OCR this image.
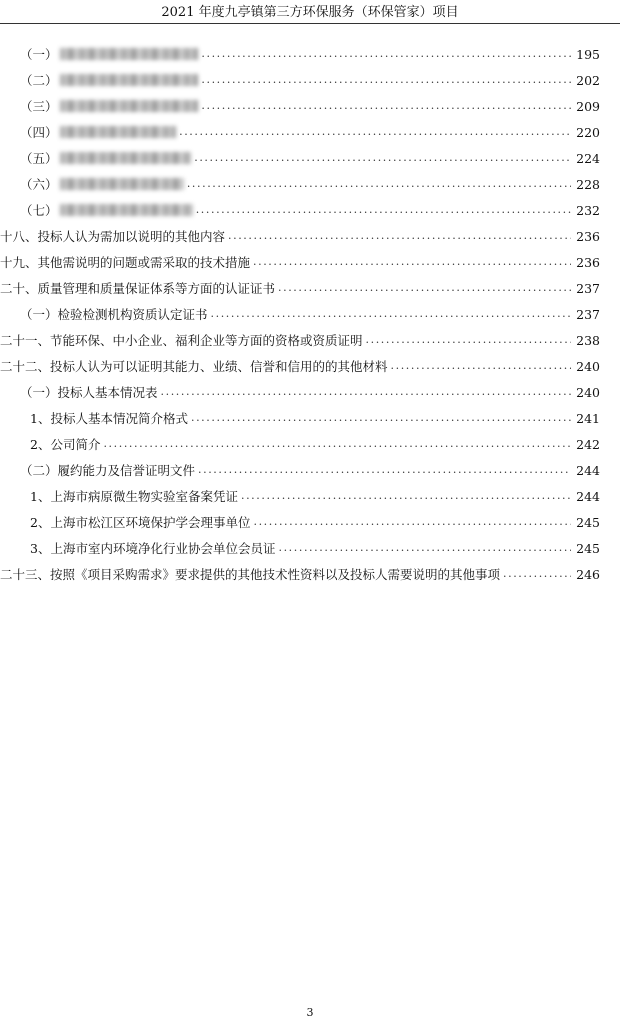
2021 年度九亭镇第三方环保服务（环保管家）项目
（一） .....	195
（二） .....	202
（三） .....	209
（四） .....	220
（五） .....	224
（六） .....	228
（七） .....	232
十八、投标人认为需加以说明的其他内容 .....	236
十九、其他需说明的问题或需采取的技术措施 .....	236
二十、质量管理和质量保证体系等方面的认证证书 .....	237
（一）检验检测机构资质认定证书 .....	237
二十一、节能环保、中小企业、福利企业等方面的资格或资质证明 .....	238
二十二、投标人认为可以证明其能力、业绩、信誉和信用的的其他材料 .....	240
（一）投标人基本情况表 .....	240
1、投标人基本情况简介格式 .....	241
2、公司简介 .....	242
（二）履约能力及信誉证明文件 .....	244
1、上海市病原微生物实验室备案凭证 .....	244
2、上海市松江区环境保护学会理事单位 .....	245
3、上海市室内环境净化行业协会单位会员证 .....	245
二十三、按照《项目采购需求》要求提供的其他技术性资料以及投标人需要说明的其他事项 .....	246
3
